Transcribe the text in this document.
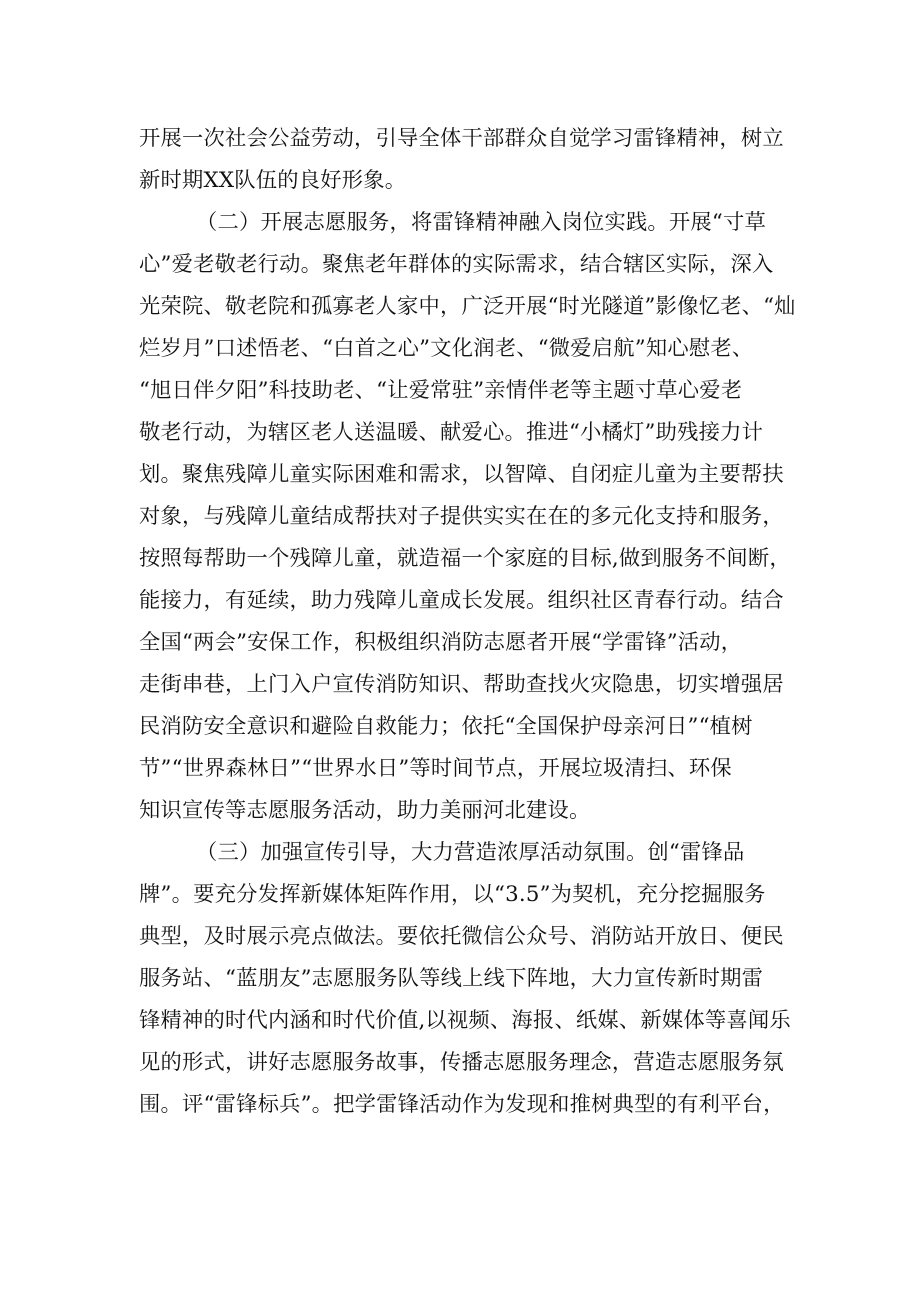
开展一次社会公益劳动，引导全体干部群众自觉学习雷锋精神，树立
新时期XX队伍的良好形象。
（二）开展志愿服务，将雷锋精神融入岗位实践。开展“寸草
心”爱老敬老行动。聚焦老年群体的实际需求，结合辖区实际，深入
光荣院、敬老院和孤寡老人家中，广泛开展“时光隧道”影像忆老、“灿
烂岁月”口述悟老、“白首之心”文化润老、“微爱启航”知心慰老、
“旭日伴夕阳”科技助老、“让爱常驻”亲情伴老等主题寸草心爱老
敬老行动，为辖区老人送温暖、献爱心。推进“小橘灯”助残接力计
划。聚焦残障儿童实际困难和需求，以智障、自闭症儿童为主要帮扶
对象，与残障儿童结成帮扶对子提供实实在在的多元化支持和服务，
按照每帮助一个残障儿童，就造福一个家庭的目标,做到服务不间断，
能接力，有延续，助力残障儿童成长发展。组织社区青春行动。结合
全国“两会”安保工作，积极组织消防志愿者开展“学雷锋”活动，
走街串巷，上门入户宣传消防知识、帮助查找火灾隐患，切实增强居
民消防安全意识和避险自救能力；依托“全国保护母亲河日”“植树
节”“世界森林日”“世界水日”等时间节点，开展垃圾清扫、环保
知识宣传等志愿服务活动，助力美丽河北建设。
（三）加强宣传引导，大力营造浓厚活动氛围。创“雷锋品
牌”。要充分发挥新媒体矩阵作用，以“3.5”为契机，充分挖掘服务
典型，及时展示亮点做法。要依托微信公众号、消防站开放日、便民
服务站、“蓝朋友”志愿服务队等线上线下阵地，大力宣传新时期雷
锋精神的时代内涵和时代价值,以视频、海报、纸媒、新媒体等喜闻乐
见的形式，讲好志愿服务故事，传播志愿服务理念，营造志愿服务氛
围。评“雷锋标兵”。把学雷锋活动作为发现和推树典型的有利平台，
